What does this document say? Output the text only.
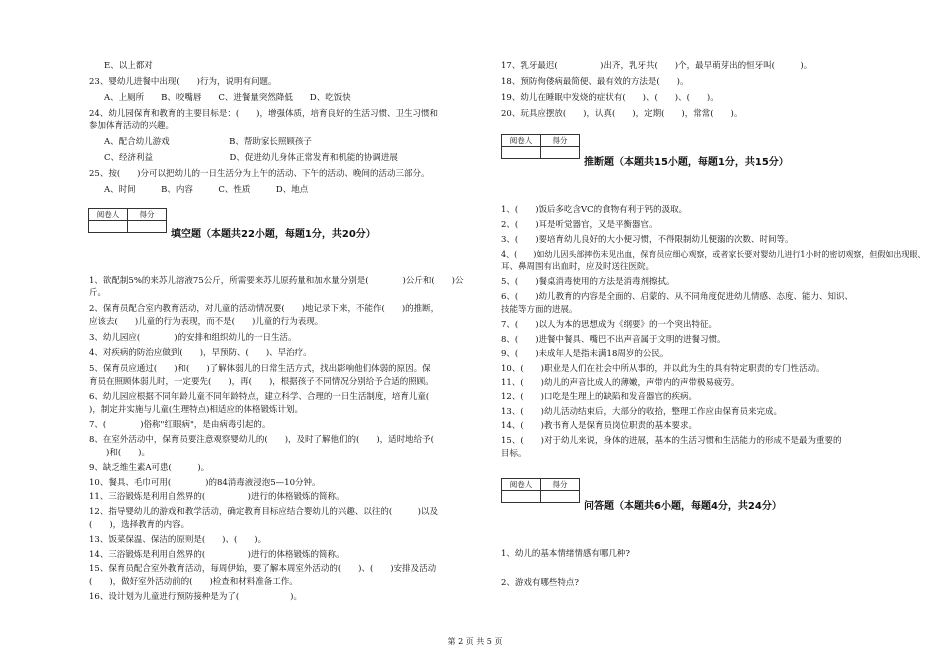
E、以上都对
23、婴幼儿进餐中出现(　　)行为，说明有问题。
A、上厕所　　B、咬嘴唇　　C、进餐量突然降低　　D、吃饭快
24、幼儿园保育和教育的主要目标是：(　　)，增强体质，培育良好的生活习惯、卫生习惯和
参加体育活动的兴趣。
A、配合幼儿游戏　　　　　　　B、帮助家长照顾孩子
C、经济利益　　　　　　　　　D、促进幼儿身体正常发育和机能的协调进展
25、按(　　)分可以把幼儿的一日生活分为上午的活动、下午的活动、晚间的活动三部分。
A、时间　　　B、内容　　　C、性质　　　D、地点
阅卷人	得分

填空题（本题共22小题，每题1分，共20分）
1、欲配制5%的来苏儿溶液75公斤，所需要来苏儿原药量和加水量分别是(　　　　)公斤和(　　)公
斤。
2、保育员配合室内教育活动，对儿童的活动情况要(　　)地记录下来，不能作(　　)的推断，
应该去(　　)儿童的行为表现，而不是(　　)儿童的行为表现。
3、幼儿园应(　　　　)的安排和组织幼儿的一日生活。
4、对疾病的防治应做到(　　)，早预防、(　　)、早治疗。
5、保育员应通过(　　)和(　　)了解体弱儿的日常生活方式，找出影响他们体弱的原因。保
育员在照顾体弱儿时，一定要先(　　)，再(　　)，根据孩子不同情况分别给予合适的照顾。
6、幼儿园应根据不同年龄儿童不同年龄特点，建立科学、合理的一日生活制度，培育儿童(　　
)，制定并实施与儿童(生理特点)相适应的体格锻炼计划。
7、(　　　　)俗称"红眼病"，是由病毒引起的。
8、在室外活动中，保育员要注意观察婴幼儿的(　　)，及时了解他们的(　　)，适时地给予(
　　)和(　　)。
9、缺乏维生素A可患(　　　)。
10、餐具、毛巾可用(　　　　)的84消毒液浸泡5—10分钟。
11、三浴锻炼是利用自然界的(　　　　　)进行的体格锻炼的简称。
12、指导婴幼儿的游戏和教学活动，确定教育目标应结合婴幼儿的兴趣、以往的(　　　)以及
(　　)，选择教育的内容。
13、饭菜保温、保洁的原则是(　　)、(　　)。
14、三浴锻炼是利用自然界的(　　　　　)进行的体格锻炼的简称。
15、保育员配合室外教育活动，每周伊始，要了解本周室外活动的(　　)、(　　)安排及活动
(　　)，做好室外活动前的(　　)检查和材料准备工作。
16、设计划为儿童进行预防接种是为了(　　　　　　)。
17、乳牙最迟(　　　　　)出齐，乳牙共(　　)个，最早萌芽出的恒牙叫(　　　)。
18、预防佝偻病最简便、最有效的方法是(　　)。
19、幼儿在睡眠中发烧的症状有(　　)、(　　)、(　　)。
20、玩具应摆放(　　)，认真(　　)，定期(　　)，常常(　　)。
阅卷人	得分

推断题（本题共15小题，每题1分，共15分）
1、(　　)饭后多吃含VC的食物有利于钙的汲取。
2、(　　)耳是听觉器官，又是平衡器官。
3、(　　)要培育幼儿良好的大小便习惯，不得限制幼儿便溺的次数、时间等。
4、(　　)如幼儿因头部摔伤未见出血，保育员应细心观察，或者家长要对婴幼儿进行1小时的密切观察，但假如出现眼、
耳、鼻周围有出血时，应及时送往医院。
5、(　　)餐桌消毒使用的方法是消毒剂擦拭。
6、(　　)幼儿教育的内容是全面的、启蒙的、从不同角度促进幼儿情感、态度、能力、知识、
技能等方面的进展。
7、(　　)以人为本的思想成为《纲要》的一个突出特征。
8、(　　)进餐中餐具、嘴巴不出声音属于文明的进餐习惯。
9、(　　)未成年人是指未满18周岁的公民。
10、(　　)职业是人们在社会中所从事的，并以此为生的具有特定职责的专门性活动。
11、(　　)幼儿的声音比成人的薄嫩，声带内的声带极易疲劳。
12、(　　)口吃是生理上的缺陷和发音器官的疾病。
13、(　　)幼儿活动结束后，大部分的收拾，整理工作应由保育员来完成。
14、(　　)教书育人是保育员岗位职责的基本要求。
15、(　　)对于幼儿来说，身体的进展，基本的生活习惯和生活能力的形成不是最为重要的
目标。
阅卷人	得分

问答题（本题共6小题，每题4分，共24分）
1、幼儿的基本情绪情感有哪几种?
2、游戏有哪些特点?
第 2 页 共 5 页
